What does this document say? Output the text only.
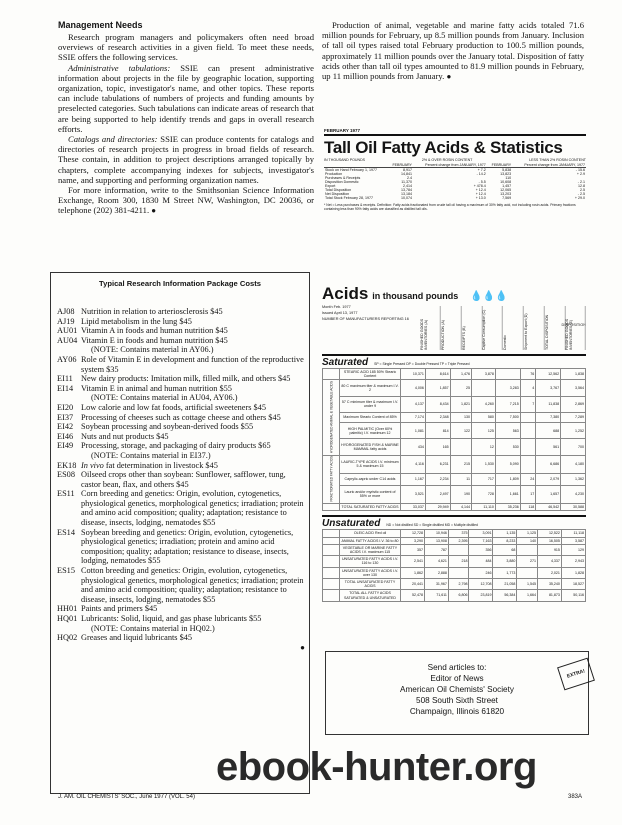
Management Needs

Research program managers and policymakers often need broad overviews of research activities in a given field. To meet these needs, SSIE offers the following services.

Administrative tabulations: SSIE can present administrative information about projects in the file by geographic location, supporting organization, topic, investigator's name, and other topics. These reports can include tabulations of numbers of projects and funding amounts by preselected categories. Such tabulations can indicate areas of research that are being supported to help identify trends and gaps in overall research efforts.

Catalogs and directories: SSIE can produce contents for catalogs and directories of research projects in progress in broad fields of research. These contain, in addition to project descriptions arranged topically by chapters, complete accompanying indexes for subjects, investigator's name, and supporting and performing organization names.

For more information, write to the Smithsonian Science Information Exchange, Room 300, 1830 M Street NW, Washington, DC 20036, or telephone (202) 381-4211. ●

Typical Research Information Package Costs
AJ08 Nutrition in relation to arteriosclerosis $45
AJ19 Lipid metabolism in the lung $45
AU01 Vitamin A in foods and human nutrition $45
AU04 Vitamin E in foods and human nutrition $45
(NOTE: Contains material in AY06.)
AY06 Role of Vitamin E in development and function of the reproductive system $35
EI11 New dairy products: Imitation milk, filled milk, and others $45
EI14 Vitamin E in animal and human nutrition $55
(NOTE: Contains material in AU04, AY06.)
EI20 Low calorie and low fat foods, artificial sweeteners $45
EI37 Processing of cheeses such as cottage cheese and others $45
EI42 Soybean processing and soybean-derived foods $55
EI46 Nuts and nut products $45
EI49 Processing, storage, and packaging of dairy products $65
(NOTE: Contains material in EI37.)
EK18 In vivo fat determination in livestock $45
ES08 Oilseed crops other than soybean: Sunflower, safflower, tung, castor bean, flax, and others $45
ES11 Corn breeding and genetics: Origin, evolution, cytogenetics, physiological genetics, morphological genetics; irradiation; protein and amino acid composition; quality; adaptation; resistance to disease, insects, lodging, nematodes $55
ES14 Soybean breeding and genetics: Origin, evolution, cytogenetics, physiological genetics; irradiation; protein and amino acid composition; quality; adaptation; resistance to disease, insects, lodging, nematodes $55
ES15 Cotton breeding and genetics: Origin, evolution, cytogenetics, physiological genetics, morphological genetics; irradiation; protein and amino acid composition; quality; adaptation; resistance to disease, insects, lodging, nematodes $55
HH01 Paints and primers $45
HQ01 Lubricants: Solid, liquid, and gas phase lubricants $55
(NOTE: Contains material in HQ02.)
HQ02 Greases and liquid lubricants $45
●

Production of animal, vegetable and marine fatty acids totaled 71.6 million pounds for February, up 8.5 million pounds from January. Inclusion of tall oil types raised total February production to 100.5 million pounds, approximately 11 million pounds over the January total. Disposition of fatty acids other than tall oil types amounted to 81.9 million pounds in February, up 11 million pounds from January. ●

FEBRUARY 1977
Tall Oil Fatty Acids & Statistics
IN THOUSAND POUNDS	2% & OVER ROSIN CONTENT	LESS THAN 2% ROSIN CONTENT
	FEBRUARY	Percent change from JANUARY, 1977	FEBRUARY	Percent change from JANUARY, 1977
Stock on Hand February 1, 1977	8,917	+ 7.2	5,838	- 15.6
Production	14,841	- 14.2	13,823	+ 2.9
Purchases & Receipts	2.4		110	
Disposition Domestic	11,370	- 5.5	10,608	- 2.1
Export	2,414	+ 478.4	1,457	12.8
Total Disposition	13,784	+ 12.4	12,065	2.5
Net Disposition	13,184	+ 12.4	13,203	- 2.5
Total Stock February 28, 1977	10,074	+ 13.0	7,569	+ 29.0
* Net = Less purchases & receipts. Definition: Fatty acids fractionated from crude tall oil having a maximum of 30% fatty acid, not including rosin acids. Primary fractions containing less than 90% fatty acids are classified as distilled tall oils.
Acids in thousand pounds 💧💧💧
Month Feb. 1977
Issued April 13, 1977
NUMBER OF MANUFACTURERS REPORTING 16
DISPOSITION
FINISHED GOODS INVENTORIES (A)	PRODUCTION (A)	RECEIPTS (B)	Captive Consumption (C)	Domestic	Shipment to Export (D)	TOTAL DISPOSITION	FINISHED GOODS INVENTORIES (E)
Saturated SP = Single Pressed DP = Double Pressed TP = Triple Pressed
	STEARIC ACID 185 50% Stearic Content	10,371	8,614	1,476	3,878		76	12,562	1,838
HYDROGENATED ANIMAL & VEGETABLE ACIDS	80 C maximum titer & maximum I.V. 2	4,006	1,857	25		3,283	4	3,767	3,564
	57 C minimum titer & maximum I.V. under 9	4,137	8,434	1,821	4,260	7,215	7	11,838	2,869
	Maximum Stearic Content of 85%	7,174	2,348	130	580	7,500		7,380	7,289
	HIGH PALMITIC (Over 60% palmitic) I.V. maximum 12	1,081	814	122	125	563		688	1,252
	HYDROGENATED FISH & MARINE MAMMAL fatty acids	434	165		12	530		561	700
FRACTIONATED FATTY ACIDS	LAURIC-TYPE ACIDS I.V. minimum 5 & maximum 15	4,116	6,231	215	1,530	5,090		6,686	4,180
	Caprylic-capric under C14 acids	1,167	2,234	11	717	1,809	24	2,079	1,362
	Lauric and/or myristic content of 55% or more	3,521	2,497	190	728	1,661	17	1,657	4,230
	TOTAL SATURATED FATTY ACIDS	33,037	29,949	4,144	11,110	35,236	118	46,542	30,588
Unsaturated ND = Not distilled SD = Single distilled MD = Multiple distilled
	OLEIC ACID Red oil	12,728	10,946	375	3,091	1,135	1,125	12,522	11,118
	ANIMAL FATTY ACIDS I.V. 36 to 80	3,290	13,908	2,395	7,163	8,233	140	16,505	3,587
	VEGETABLE OR MARINE FATTY ACIDS I.V. maximum 115	357	787		356	68		915	129
	UNSATURATED FATTY ACIDS I.V. 116 to 130	2,541	4,621	218	484	3,880	271	4,337	2,943
	UNSATURATED FATTY ACIDS I.V. over 130	1,862	2,888		246	1,773		2,021	1,828
	TOTAL UNSATURATED FATTY ACIDS	20,441	31,967	2,798	12,708	21,058	1,545	35,240	18,527
	TOTAL ALL FATTY ACIDS SATURATED & UNSATURATED	52,478	71,611	6,806	23,819	56,384	1,664	81,873	50,116
Send articles to:
Editor of News
American Oil Chemists' Society
508 South Sixth Street
Champaign, Illinois 61820
EXTRA!
ebook-hunter.org
J. AM. OIL CHEMISTS' SOC., June 1977 (VOL. 54)	383A
